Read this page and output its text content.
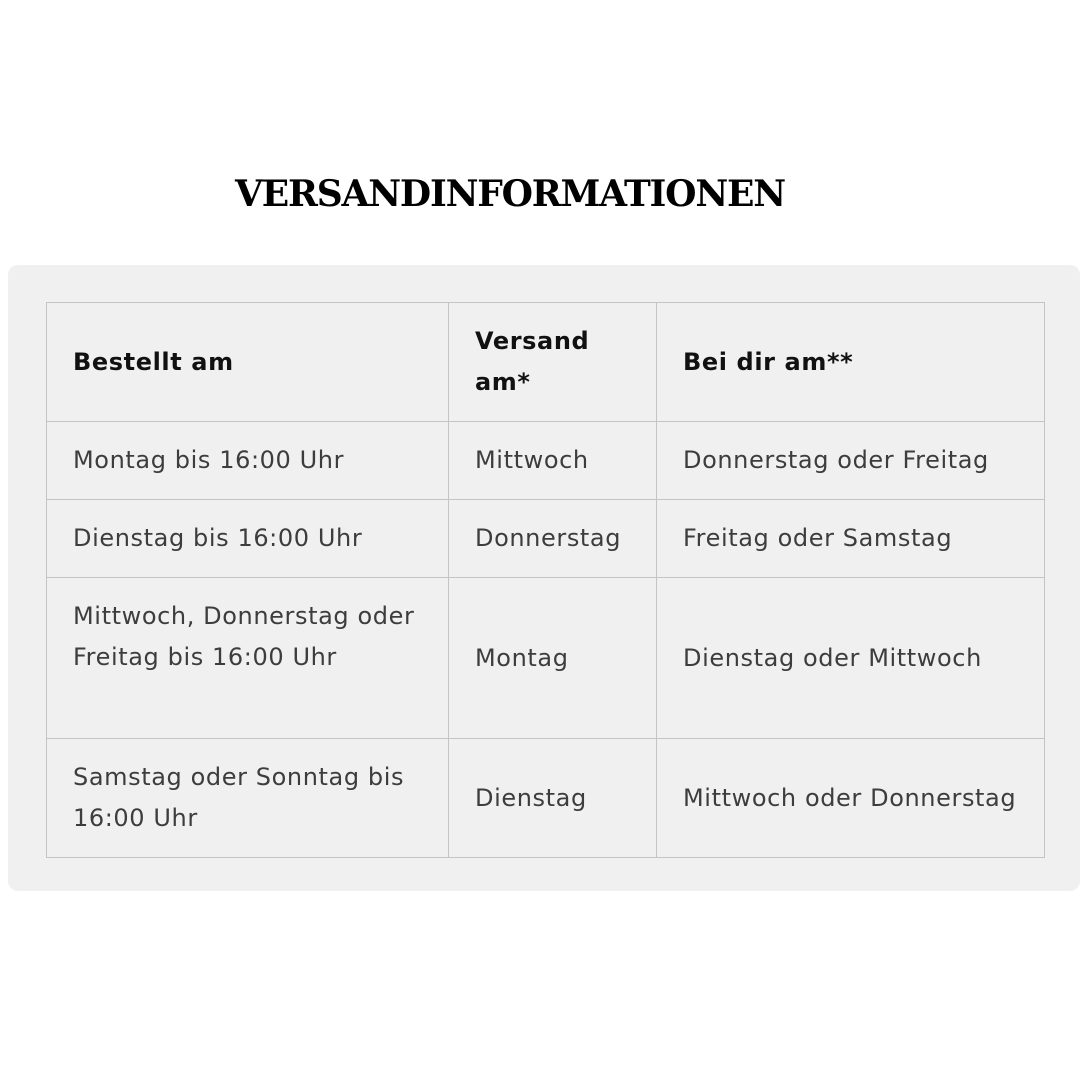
VERSANDINFORMATIONEN
Bestellt am	Versand am*	Bei dir am**
Montag bis 16:00 Uhr	Mittwoch	Donnerstag oder Freitag
Dienstag bis 16:00 Uhr	Donnerstag	Freitag oder Samstag
Mittwoch, Donnerstag oder Freitag bis 16:00 Uhr	Montag	Dienstag oder Mittwoch
Samstag oder Sonntag bis 16:00 Uhr	Dienstag	Mittwoch oder Donnerstag
